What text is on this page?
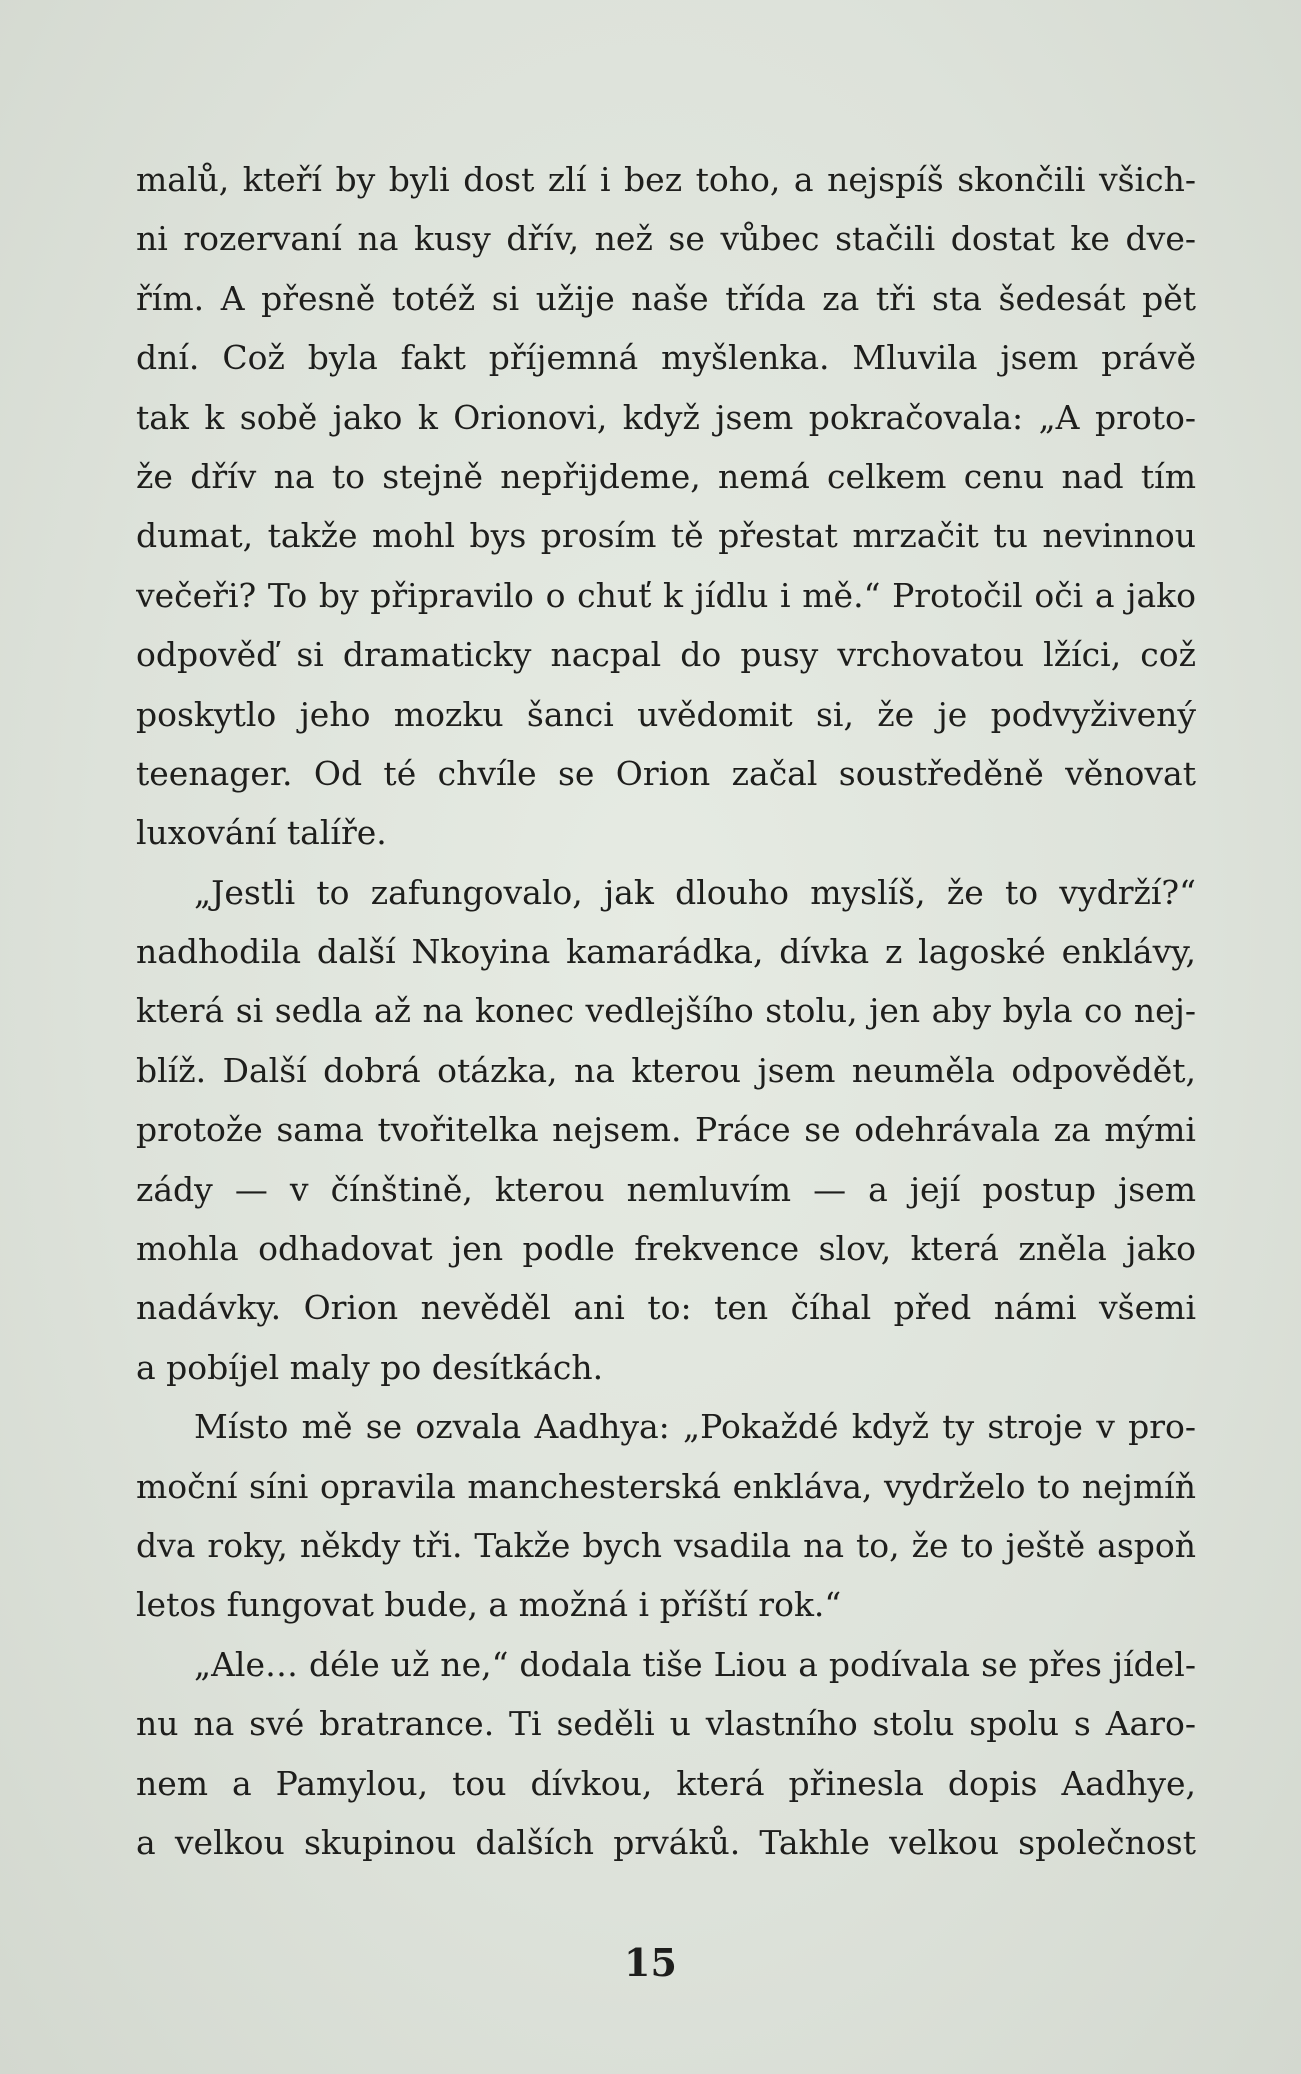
malů, kteří by byli dost zlí i bez toho, a nejspíš skončili všich-
ni rozervaní na kusy dřív, než se vůbec stačili dostat ke dve-
řím. A přesně totéž si užije naše třída za tři sta šedesát pět
dní. Což byla fakt příjemná myšlenka. Mluvila jsem právě
tak k sobě jako k Orionovi, když jsem pokračovala: „A proto-
že dřív na to stejně nepřijdeme, nemá celkem cenu nad tím
dumat, takže mohl bys prosím tě přestat mrzačit tu nevinnou
večeři? To by připravilo o chuť k jídlu i mě.“ Protočil oči a jako
odpověď si dramaticky nacpal do pusy vrchovatou lžíci, což
poskytlo jeho mozku šanci uvědomit si, že je podvyživený
teenager. Od té chvíle se Orion začal soustředěně věnovat
luxování talíře.
„Jestli to zafungovalo, jak dlouho myslíš, že to vydrží?“
nadhodila další Nkoyina kamarádka, dívka z lagoské enklávy,
která si sedla až na konec vedlejšího stolu, jen aby byla co nej-
blíž. Další dobrá otázka, na kterou jsem neuměla odpovědět,
protože sama tvořitelka nejsem. Práce se odehrávala za mými
zády — v čínštině, kterou nemluvím — a její postup jsem
mohla odhadovat jen podle frekvence slov, která zněla jako
nadávky. Orion nevěděl ani to: ten číhal před námi všemi
a pobíjel maly po desítkách.
Místo mě se ozvala Aadhya: „Pokaždé když ty stroje v pro-
moční síni opravila manchesterská enkláva, vydrželo to nejmíň
dva roky, někdy tři. Takže bych vsadila na to, že to ještě aspoň
letos fungovat bude, a možná i příští rok.“
„Ale… déle už ne,“ dodala tiše Liou a podívala se přes jídel-
nu na své bratrance. Ti seděli u vlastního stolu spolu s Aaro-
nem a Pamylou, tou dívkou, která přinesla dopis Aadhye,
a velkou skupinou dalších prváků. Takhle velkou společnost
15
